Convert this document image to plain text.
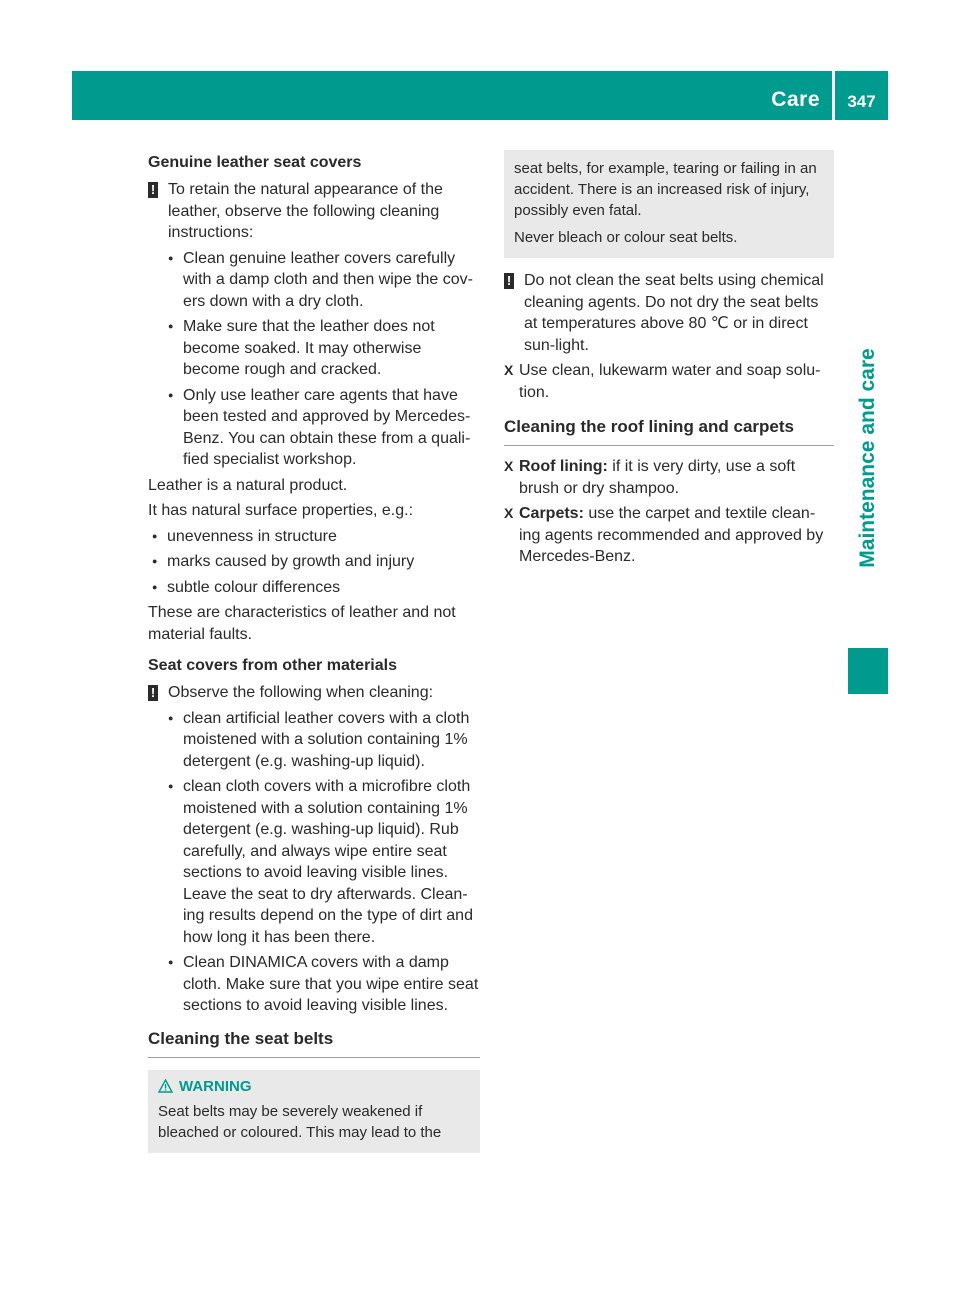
Care	347
Maintenance and care
Genuine leather seat covers
! To retain the natural appearance of the leather, observe the following cleaning instructions:
● Clean genuine leather covers carefully with a damp cloth and then wipe the cov-ers down with a dry cloth.
● Make sure that the leather does not become soaked. It may otherwise become rough and cracked.
● Only use leather care agents that have been tested and approved by Mercedes-Benz. You can obtain these from a quali-fied specialist workshop.

Leather is a natural product.

It has natural surface properties, e.g.:

● unevenness in structure
● marks caused by growth and injury
● subtle colour differences

These are characteristics of leather and not material faults.

Seat covers from other materials
! Observe the following when cleaning:
● clean artificial leather covers with a cloth moistened with a solution containing 1% detergent (e.g. washing-up liquid).
● clean cloth covers with a microfibre cloth moistened with a solution containing 1% detergent (e.g. washing-up liquid). Rub carefully, and always wipe entire seat sections to avoid leaving visible lines. Leave the seat to dry afterwards. Clean-ing results depend on the type of dirt and how long it has been there.
● Clean DINAMICA covers with a damp cloth. Make sure that you wipe entire seat sections to avoid leaving visible lines.
Cleaning the seat belts
WARNING

Seat belts may be severely weakened if bleached or coloured. This may lead to the

seat belts, for example, tearing or failing in an accident. There is an increased risk of injury, possibly even fatal.

Never bleach or colour seat belts.

! Do not clean the seat belts using chemical cleaning agents. Do not dry the seat belts at temperatures above 80 ℃ or in direct sun-light.
X Use clean, lukewarm water and soap solu-tion.
Cleaning the roof lining and carpets
X Roof lining: if it is very dirty, use a soft brush or dry shampoo.
X Carpets: use the carpet and textile clean-ing agents recommended and approved by Mercedes-Benz.
